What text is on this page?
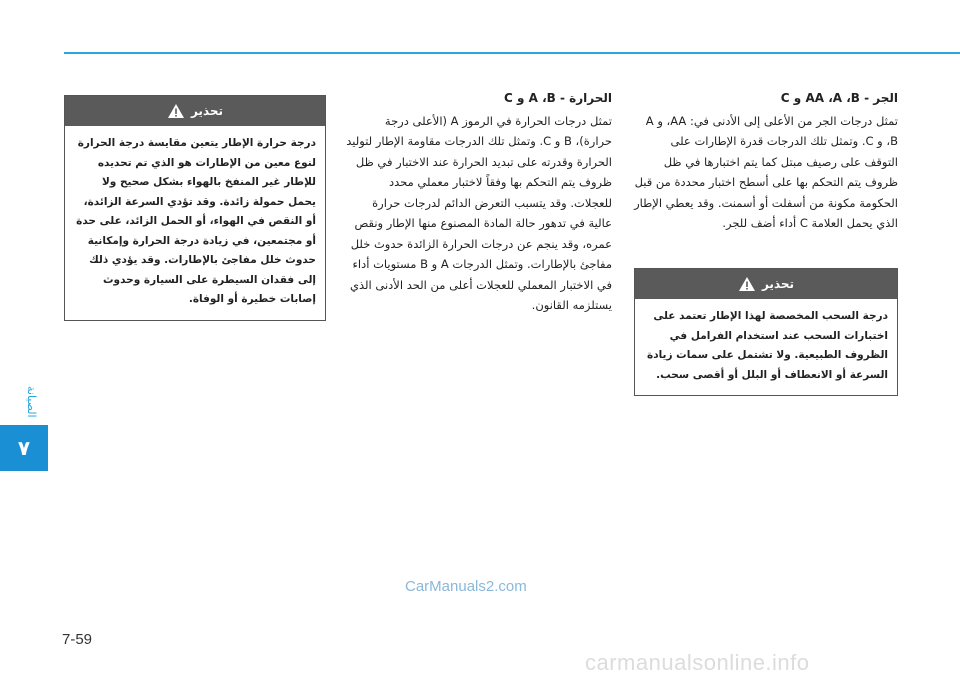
الصيانة
٧
الجر - AA ،A ،B و C

تمثل درجات الجر من الأعلى إلى الأدنى في: AA، و A ،B و C. وتمثل تلك الدرجات قدرة الإطارات على التوقف على رصيف مبتل كما يتم اختبارها في ظل ظروف يتم التحكم بها على أسطح اختبار محددة من قبل الحكومة مكونة من أسفلت أو أسمنت. وقد يعطي الإطار الذي يحمل العلامة C أداء أضف للجر.

تحذير
درجة السحب المخصصة لهذا الإطار تعتمد على اختبارات السحب عند استخدام الفرامل في الظروف الطبيعية. ولا تشتمل على سمات زيادة السرعة أو الانعطاف أو البلل أو أقصى سحب.
الحرارة - A ،B و C

تمثل درجات الحرارة في الرموز A (الأعلى درجة حرارة)، B و C. وتمثل تلك الدرجات مقاومة الإطار لتوليد الحرارة وقدرته على تبديد الحرارة عند الاختبار في ظل ظروف يتم التحكم بها وفقاً لاختبار معملي محدد للعجلات. وقد يتسبب التعرض الدائم لدرجات حرارة عالية في تدهور حالة المادة المصنوع منها الإطار ونقص عمره، وقد ينجم عن درجات الحرارة الزائدة حدوث خلل مفاجئ بالإطارات. وتمثل الدرجات A و B مستويات أداء في الاختبار المعملي للعجلات أعلى من الحد الأدنى الذي يستلزمه القانون.

تحذير
درجة حرارة الإطار يتعين مقايسة درجة الحرارة لنوع معين من الإطارات هو الذي تم تحديده للإطار غير المنفخ بالهواء بشكل صحيح ولا يحمل حمولة زائدة. وقد تؤدي السرعة الزائدة، أو النقص في الهواء، أو الحمل الزائد، على حدة أو مجتمعين، في زيادة درجة الحرارة وإمكانية حدوث خلل مفاجئ بالإطارات. وقد يؤدي ذلك إلى فقدان السيطرة على السيارة وحدوث إصابات خطيرة أو الوفاة.
CarManuals2.com
7-59
carmanualsonline.info
